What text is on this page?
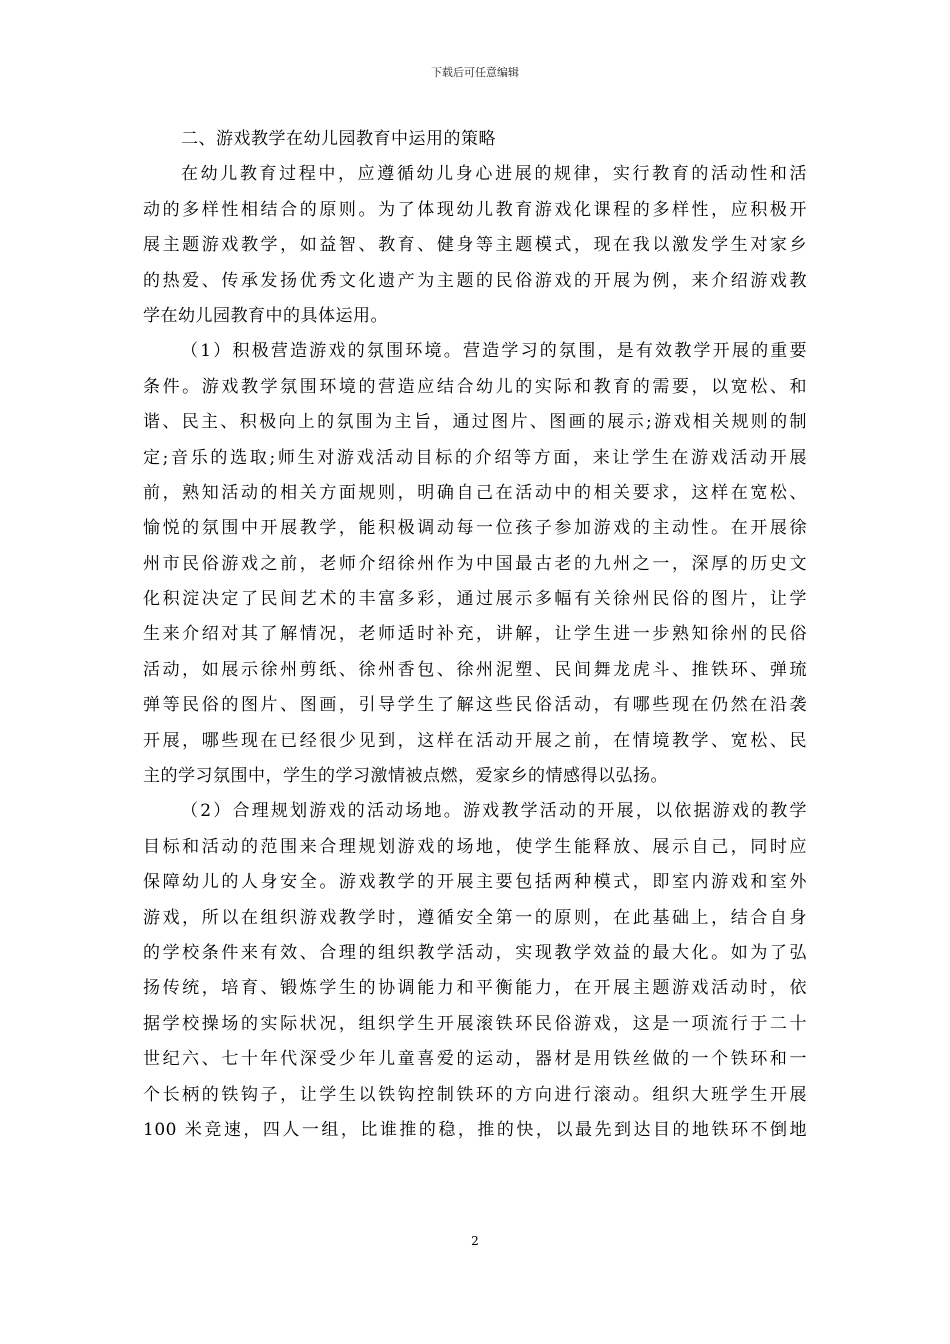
下载后可任意编辑
二、游戏教学在幼儿园教育中运用的策略
在幼儿教育过程中，应遵循幼儿身心进展的规律，实行教育的活动性和活
动的多样性相结合的原则。为了体现幼儿教育游戏化课程的多样性，应积极开
展主题游戏教学，如益智、教育、健身等主题模式，现在我以激发学生对家乡
的热爱、传承发扬优秀文化遗产为主题的民俗游戏的开展为例，来介绍游戏教
学在幼儿园教育中的具体运用。
（1）积极营造游戏的氛围环境。营造学习的氛围，是有效教学开展的重要
条件。游戏教学氛围环境的营造应结合幼儿的实际和教育的需要，以宽松、和
谐、民主、积极向上的氛围为主旨，通过图片、图画的展示;游戏相关规则的制
定;音乐的选取;师生对游戏活动目标的介绍等方面，来让学生在游戏活动开展
前，熟知活动的相关方面规则，明确自己在活动中的相关要求，这样在宽松、
愉悦的氛围中开展教学，能积极调动每一位孩子参加游戏的主动性。在开展徐
州市民俗游戏之前，老师介绍徐州作为中国最古老的九州之一，深厚的历史文
化积淀决定了民间艺术的丰富多彩，通过展示多幅有关徐州民俗的图片，让学
生来介绍对其了解情况，老师适时补充，讲解，让学生进一步熟知徐州的民俗
活动，如展示徐州剪纸、徐州香包、徐州泥塑、民间舞龙虎斗、推铁环、弹琉
弹等民俗的图片、图画，引导学生了解这些民俗活动，有哪些现在仍然在沿袭
开展，哪些现在已经很少见到，这样在活动开展之前，在情境教学、宽松、民
主的学习氛围中，学生的学习激情被点燃，爱家乡的情感得以弘扬。
（2）合理规划游戏的活动场地。游戏教学活动的开展，以依据游戏的教学
目标和活动的范围来合理规划游戏的场地，使学生能释放、展示自己，同时应
保障幼儿的人身安全。游戏教学的开展主要包括两种模式，即室内游戏和室外
游戏，所以在组织游戏教学时，遵循安全第一的原则，在此基础上，结合自身
的学校条件来有效、合理的组织教学活动，实现教学效益的最大化。如为了弘
扬传统，培育、锻炼学生的协调能力和平衡能力，在开展主题游戏活动时，依
据学校操场的实际状况，组织学生开展滚铁环民俗游戏，这是一项流行于二十
世纪六、七十年代深受少年儿童喜爱的运动，器材是用铁丝做的一个铁环和一
个长柄的铁钩子，让学生以铁钩控制铁环的方向进行滚动。组织大班学生开展
100 米竞速，四人一组，比谁推的稳，推的快，以最先到达目的地铁环不倒地
2
